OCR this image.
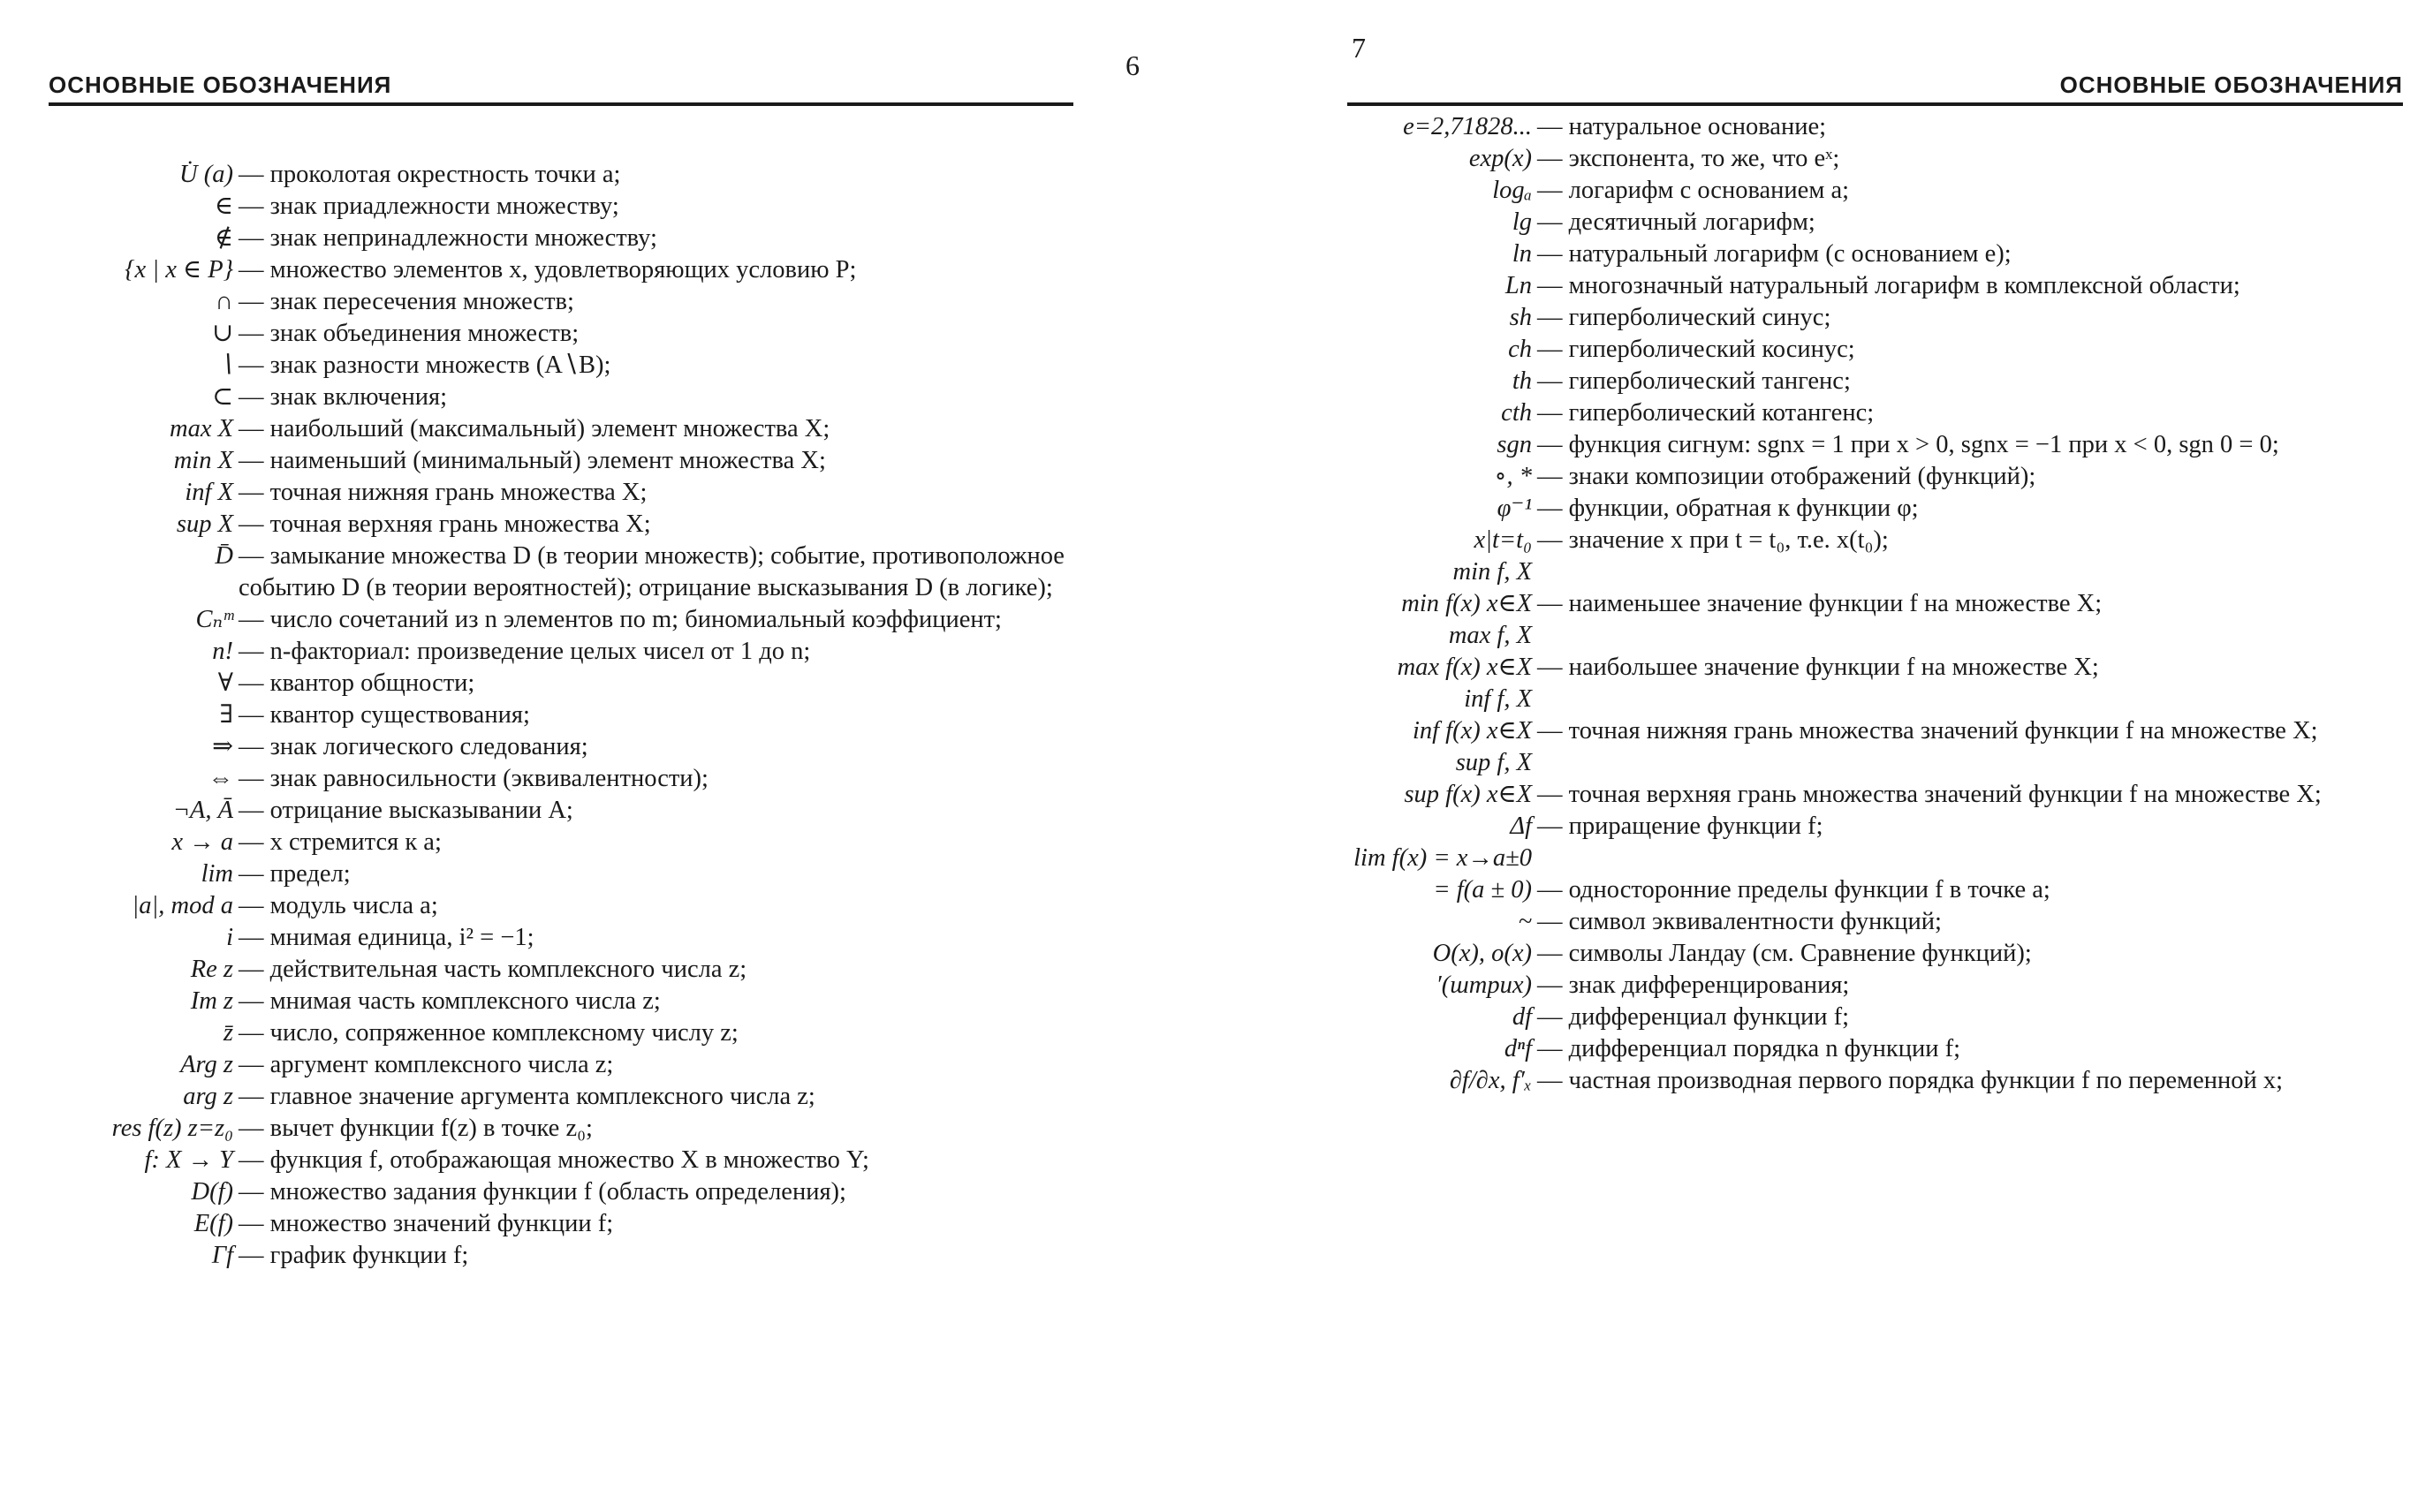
ОСНОВНЫЕ ОБОЗНАЧЕНИЯ
6
U̇ (a)	— проколотая окрестность точки a;
∈	— знак приадлежности множеству;
∉	— знак непринадлежности множеству;
{x | x ∈ P}	— множество элементов x, удовлетворяющих условию P;
∩	— знак пересечения множеств;
∪	— знак объединения множеств;
∖	— знак разности множеств (A∖B);
⊂	— знак включения;
max X	— наибольший (максимальный) элемент множества X;
min X	— наименьший (минимальный) элемент множества X;
inf X	— точная нижняя грань множества X;
sup X	— точная верхняя грань множества X;
D̄	— замыкание множества D (в теории множеств); событие, противоположное событию D (в теории вероятностей); отрицание высказывания D (в логике);
Cₙᵐ	— число сочетаний из n элементов по m; биномиальный коэффициент;
n!	— n-факториал: произведение целых чисел от 1 до n;
∀	— квантор общности;
∃	— квантор существования;
⇒	— знак логического следования;
⇔	— знак равносильности (эквивалентности);
¬A, Ā	— отрицание высказывании A;
x → a	— x стремится к a;
lim	— предел;
|a|, mod a	— модуль числа a;
i	— мнимая единица, i² = −1;
Re z	— действительная часть комплексного числа z;
Im z	— мнимая часть комплексного числа z;
z̄	— число, сопряженное комплексному числу z;
Arg z	— аргумент комплексного числа z;
arg z	— главное значение аргумента комплексного числа z;
res f(z) z=z₀	— вычет функции f(z) в точке z₀;
f: X → Y	— функция f, отображающая множество X в множество Y;
D(f)	— множество задания функции f (область определения);
E(f)	— множество значений функции f;
Γf	— график функции f;
7
ОСНОВНЫЕ ОБОЗНАЧЕНИЯ
e=2,71828...	— натуральное основание;
exp(x)	— экспонента, то же, что eˣ;
logₐ	— логарифм с основанием a;
lg	— десятичный логарифм;
ln	— натуральный логарифм (с основанием e);
Ln	— многозначный натуральный логарифм в комплексной области;
sh	— гиперболический синус;
ch	— гиперболический косинус;
th	— гиперболический тангенс;
cth	— гиперболический котангенс;
sgn	— функция сигнум: sgnx = 1 при x > 0, sgnx = −1 при x < 0, sgn 0 = 0;
∘, *	— знаки композиции отображений (функций);
φ⁻¹	— функции, обратная к функции φ;
x|t=t₀	— значение x при t = t₀, т.е. x(t₀);
min f, X
min f(x) x∈X	— наименьшее значение функции f на множестве X;
max f, X
max f(x) x∈X	— наибольшее значение функции f на множестве X;
inf f, X
inf f(x) x∈X	— точная нижняя грань множества значений функции f на множестве X;
sup f, X
sup f(x) x∈X	— точная верхняя грань множества значений функции f на множестве X;
Δf	— приращение функции f;
lim f(x) = x→a±0
= f(a ± 0)	— односторонние пределы функции f в точке a;
~	— символ эквивалентности функций;
O(x), o(x)	— символы Ландау (см. Сравнение функций);
′(штрих)	— знак дифференцирования;
df	— дифференциал функции f;
dⁿf	— дифференциал порядка n функции f;
∂f/∂x, f′ₓ	— частная производная первого порядка функции f по переменной x;
